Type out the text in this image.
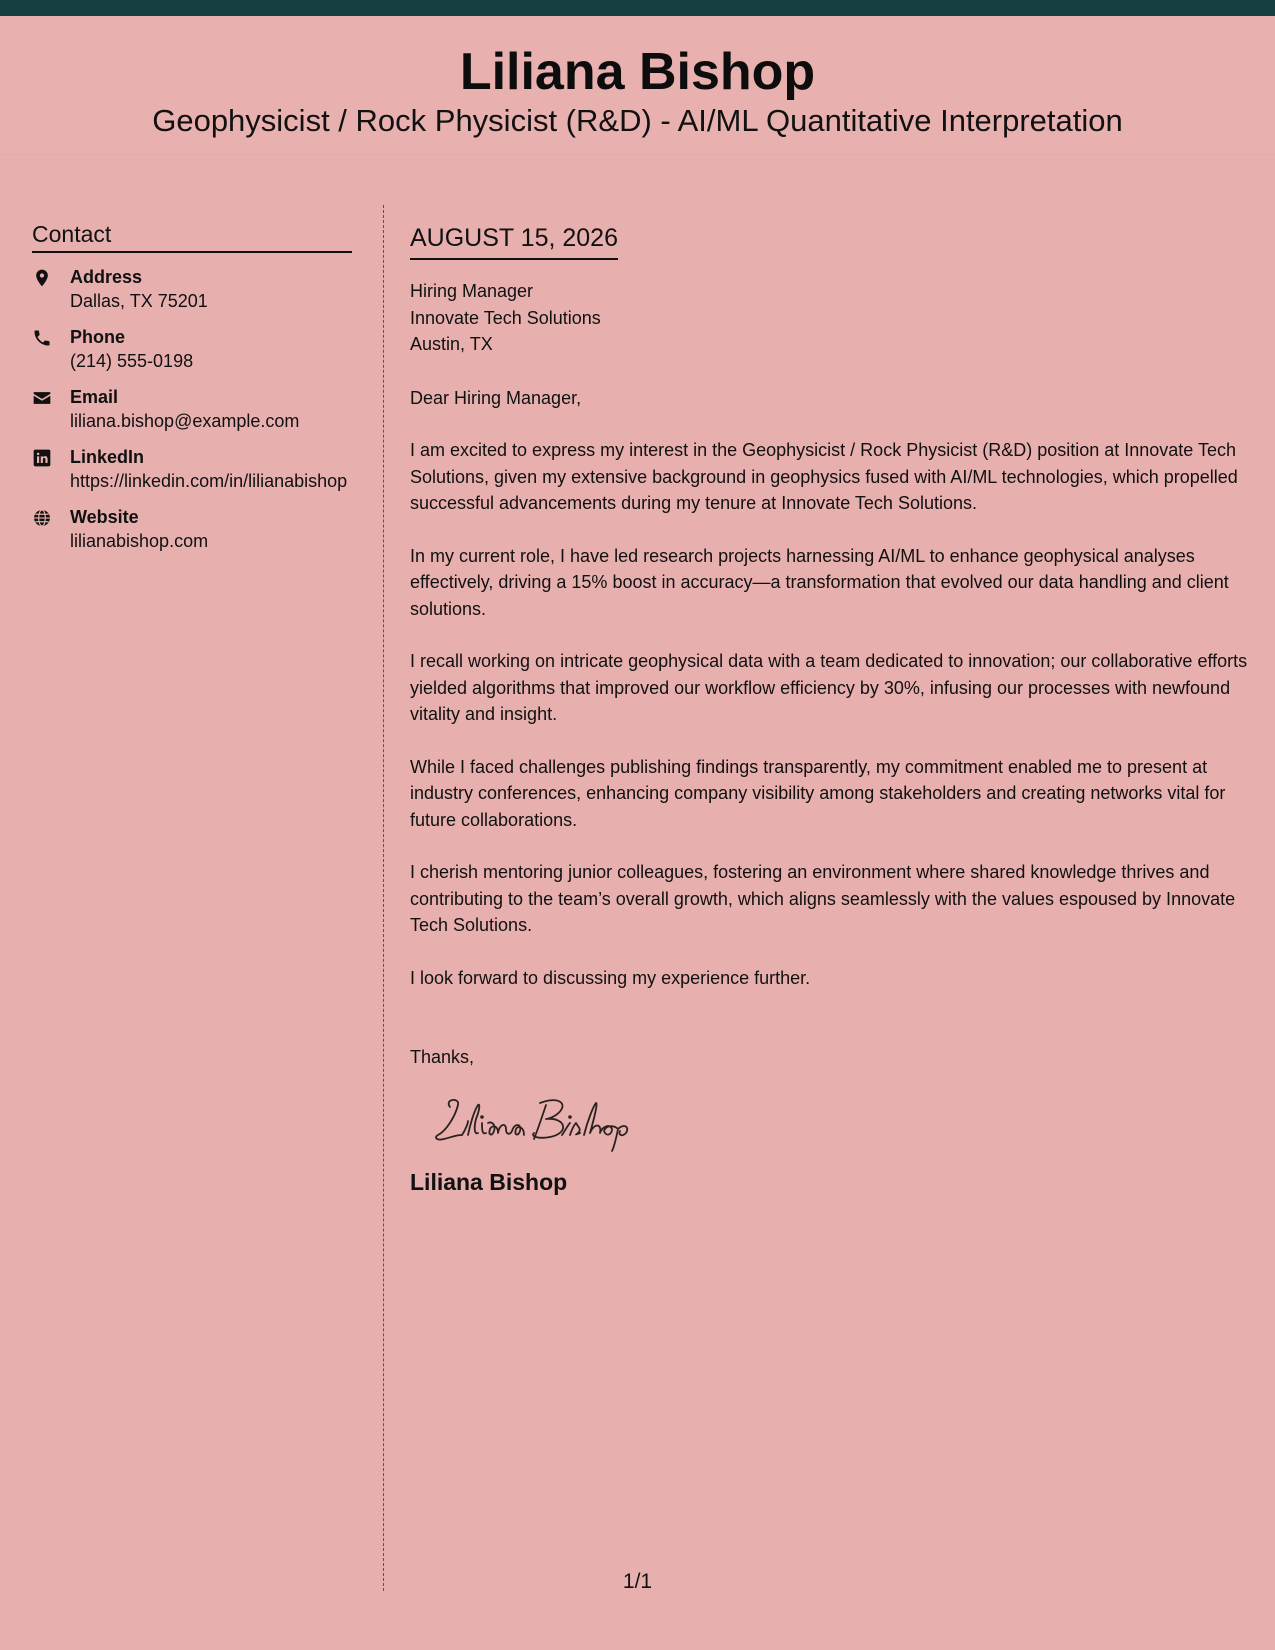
Liliana Bishop
Geophysicist / Rock Physicist (R&D) - AI/ML Quantitative Interpretation
Contact
Address
Dallas, TX 75201
Phone
(214) 555-0198
Email
liliana.bishop@example.com
LinkedIn
https://linkedin.com/in/lilianabishop
Website
lilianabishop.com
AUGUST 15, 2026
Hiring Manager
Innovate Tech Solutions
Austin, TX

Dear Hiring Manager,

I am excited to express my interest in the Geophysicist / Rock Physicist (R&D) position at Innovate Tech Solutions, given my extensive background in geophysics fused with AI/ML technologies, which propelled successful advancements during my tenure at Innovate Tech Solutions.

In my current role, I have led research projects harnessing AI/ML to enhance geophysical analyses effectively, driving a 15% boost in accuracy—a transformation that evolved our data handling and client solutions.

I recall working on intricate geophysical data with a team dedicated to innovation; our collaborative efforts yielded algorithms that improved our workflow efficiency by 30%, infusing our processes with newfound vitality and insight.

While I faced challenges publishing findings transparently, my commitment enabled me to present at industry conferences, enhancing company visibility among stakeholders and creating networks vital for future collaborations.

I cherish mentoring junior colleagues, fostering an environment where shared knowledge thrives and contributing to the team’s overall growth, which aligns seamlessly with the values espoused by Innovate Tech Solutions.

I look forward to discussing my experience further.

Thanks,

Liliana Bishop
1/1
